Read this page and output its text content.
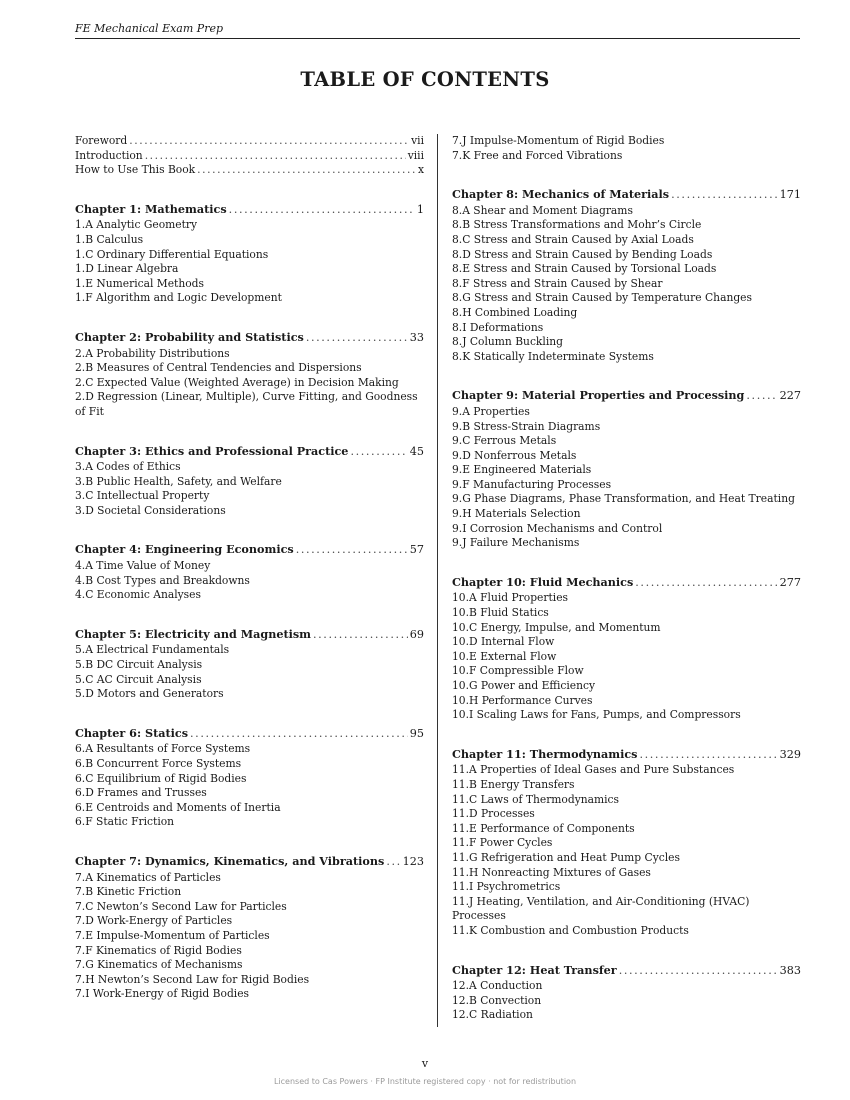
FE Mechanical Exam Prep
TABLE OF CONTENTS
Foreword .....	vii
Introduction .....	viii
How to Use This Book .....	x
Chapter 1: Mathematics .....	1
1.A Analytic Geometry
1.B Calculus
1.C Ordinary Differential Equations
1.D Linear Algebra
1.E Numerical Methods
1.F Algorithm and Logic Development
Chapter 2: Probability and Statistics .....	33
2.A Probability Distributions
2.B Measures of Central Tendencies and Dispersions
2.C Expected Value (Weighted Average) in Decision Making
2.D Regression (Linear, Multiple), Curve Fitting, and Goodness of Fit
Chapter 3: Ethics and Professional Practice .....	45
3.A Codes of Ethics
3.B Public Health, Safety, and Welfare
3.C Intellectual Property
3.D Societal Considerations
Chapter 4: Engineering Economics .....	57
4.A Time Value of Money
4.B Cost Types and Breakdowns
4.C Economic Analyses
Chapter 5: Electricity and Magnetism .....	69
5.A Electrical Fundamentals
5.B DC Circuit Analysis
5.C AC Circuit Analysis
5.D Motors and Generators
Chapter 6: Statics .....	95
6.A Resultants of Force Systems
6.B Concurrent Force Systems
6.C Equilibrium of Rigid Bodies
6.D Frames and Trusses
6.E Centroids and Moments of Inertia
6.F Static Friction
Chapter 7: Dynamics, Kinematics, and Vibrations ..... 123
7.A Kinematics of Particles
7.B Kinetic Friction
7.C Newton’s Second Law for Particles
7.D Work-Energy of Particles
7.E Impulse-Momentum of Particles
7.F Kinematics of Rigid Bodies
7.G Kinematics of Mechanisms
7.H Newton’s Second Law for Rigid Bodies
7.I Work-Energy of Rigid Bodies
7.J Impulse-Momentum of Rigid Bodies
7.K Free and Forced Vibrations
Chapter 8: Mechanics of Materials .....	171
8.A Shear and Moment Diagrams
8.B Stress Transformations and Mohr’s Circle
8.C Stress and Strain Caused by Axial Loads
8.D Stress and Strain Caused by Bending Loads
8.E Stress and Strain Caused by Torsional Loads
8.F Stress and Strain Caused by Shear
8.G Stress and Strain Caused by Temperature Changes
8.H Combined Loading
8.I Deformations
8.J Column Buckling
8.K Statically Indeterminate Systems
Chapter 9: Material Properties and Processing .....	227
9.A Properties
9.B Stress-Strain Diagrams
9.C Ferrous Metals
9.D Nonferrous Metals
9.E Engineered Materials
9.F Manufacturing Processes
9.G Phase Diagrams, Phase Transformation, and Heat Treating
9.H Materials Selection
9.I Corrosion Mechanisms and Control
9.J Failure Mechanisms
Chapter 10: Fluid Mechanics .....	277
10.A Fluid Properties
10.B Fluid Statics
10.C Energy, Impulse, and Momentum
10.D Internal Flow
10.E External Flow
10.F Compressible Flow
10.G Power and Efficiency
10.H Performance Curves
10.I Scaling Laws for Fans, Pumps, and Compressors
Chapter 11: Thermodynamics .....	329
11.A Properties of Ideal Gases and Pure Substances
11.B Energy Transfers
11.C Laws of Thermodynamics
11.D Processes
11.E Performance of Components
11.F Power Cycles
11.G Refrigeration and Heat Pump Cycles
11.H Nonreacting Mixtures of Gases
11.I Psychrometrics
11.J Heating, Ventilation, and Air-Conditioning (HVAC) Processes
11.K Combustion and Combustion Products
Chapter 12: Heat Transfer .....	383
12.A Conduction
12.B Convection
12.C Radiation
v
Licensed to Cas Powers · FP Institute registered copy · not for redistribution
